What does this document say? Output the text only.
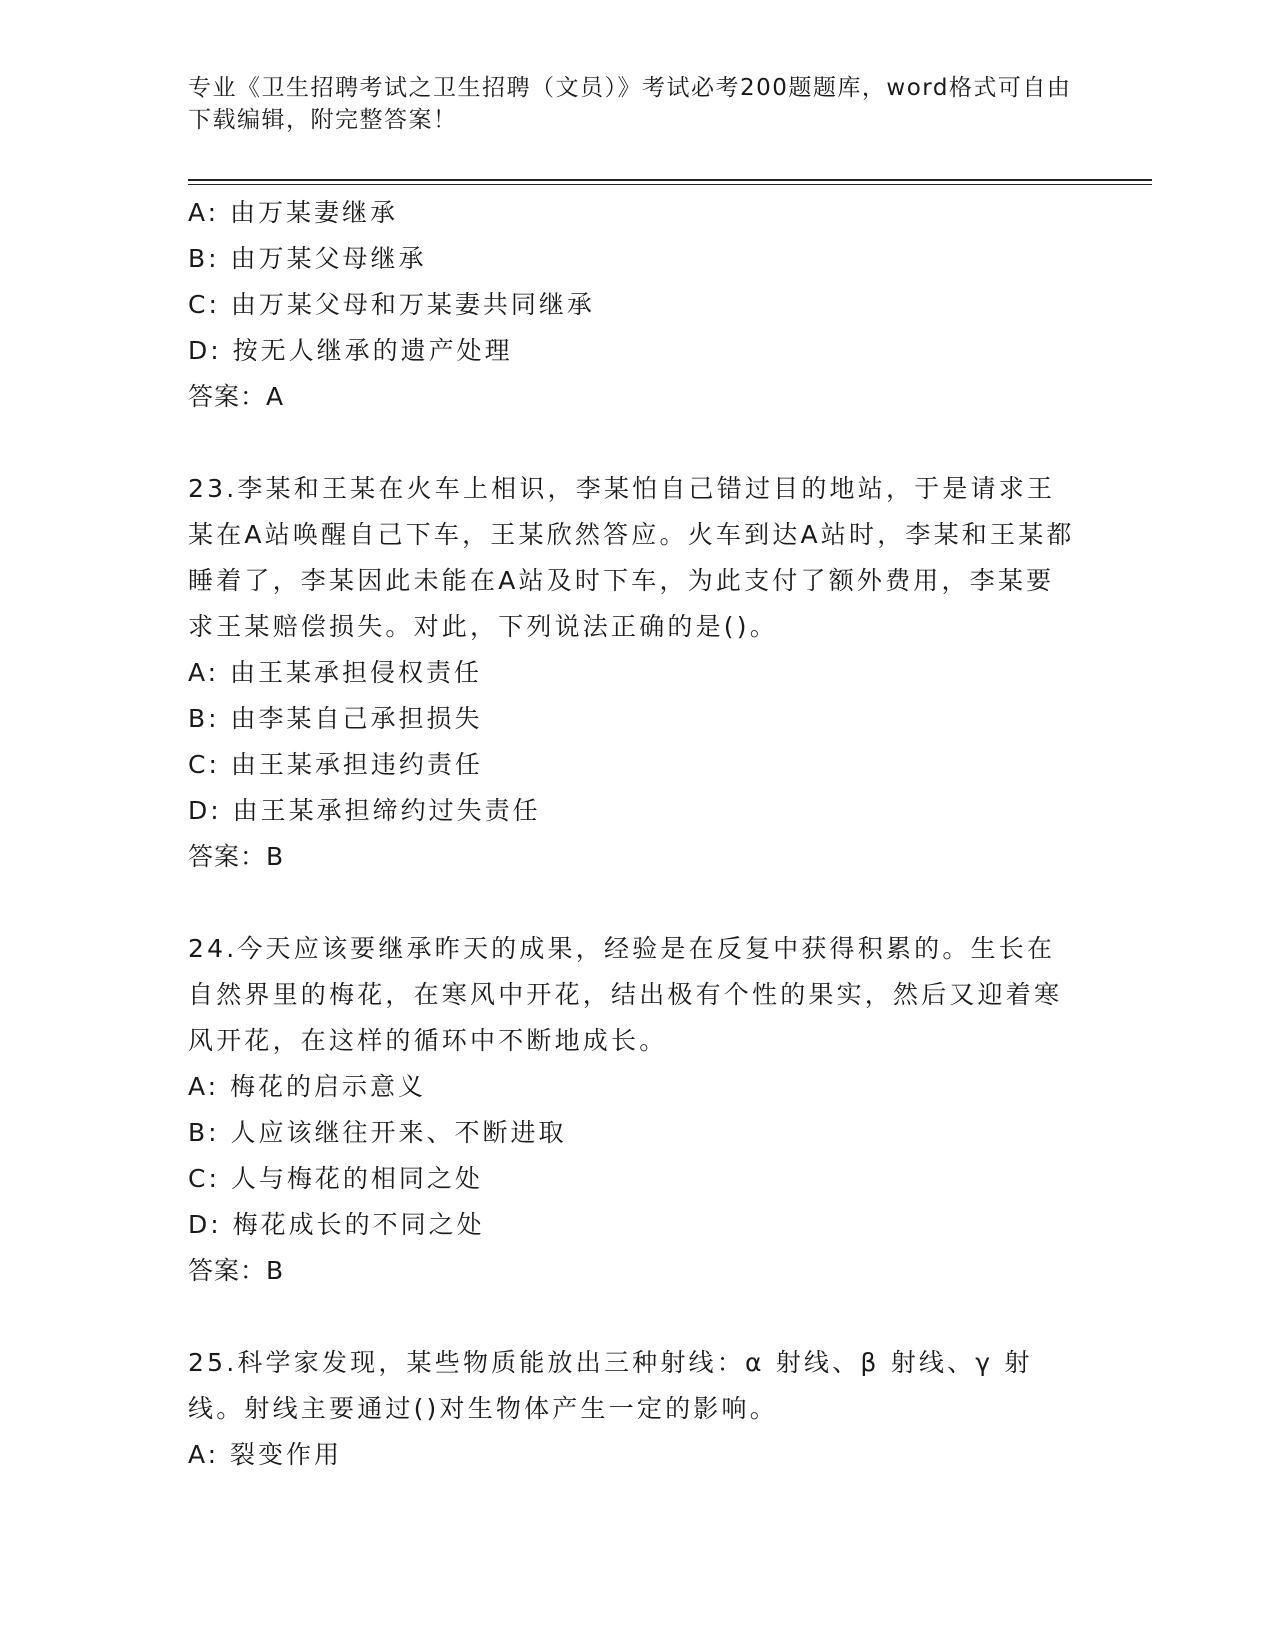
专业《卫生招聘考试之卫生招聘（文员）》考试必考200题题库，word格式可自由下载编辑，附完整答案！
A: 由万某妻继承
B: 由万某父母继承
C: 由万某父母和万某妻共同继承
D: 按无人继承的遗产处理
答案：A
23.李某和王某在火车上相识，李某怕自己错过目的地站，于是请求王某在A站唤醒自己下车，王某欣然答应。火车到达A站时，李某和王某都睡着了，李某因此未能在A站及时下车，为此支付了额外费用，李某要求王某赔偿损失。对此，下列说法正确的是()。
A: 由王某承担侵权责任
B: 由李某自己承担损失
C: 由王某承担违约责任
D: 由王某承担缔约过失责任
答案：B
24.今天应该要继承昨天的成果，经验是在反复中获得积累的。生长在自然界里的梅花，在寒风中开花，结出极有个性的果实，然后又迎着寒风开花，在这样的循环中不断地成长。
A: 梅花的启示意义
B: 人应该继往开来、不断进取
C: 人与梅花的相同之处
D: 梅花成长的不同之处
答案：B
25.科学家发现，某些物质能放出三种射线：α 射线、β 射线、γ 射线。射线主要通过()对生物体产生一定的影响。
A: 裂变作用
